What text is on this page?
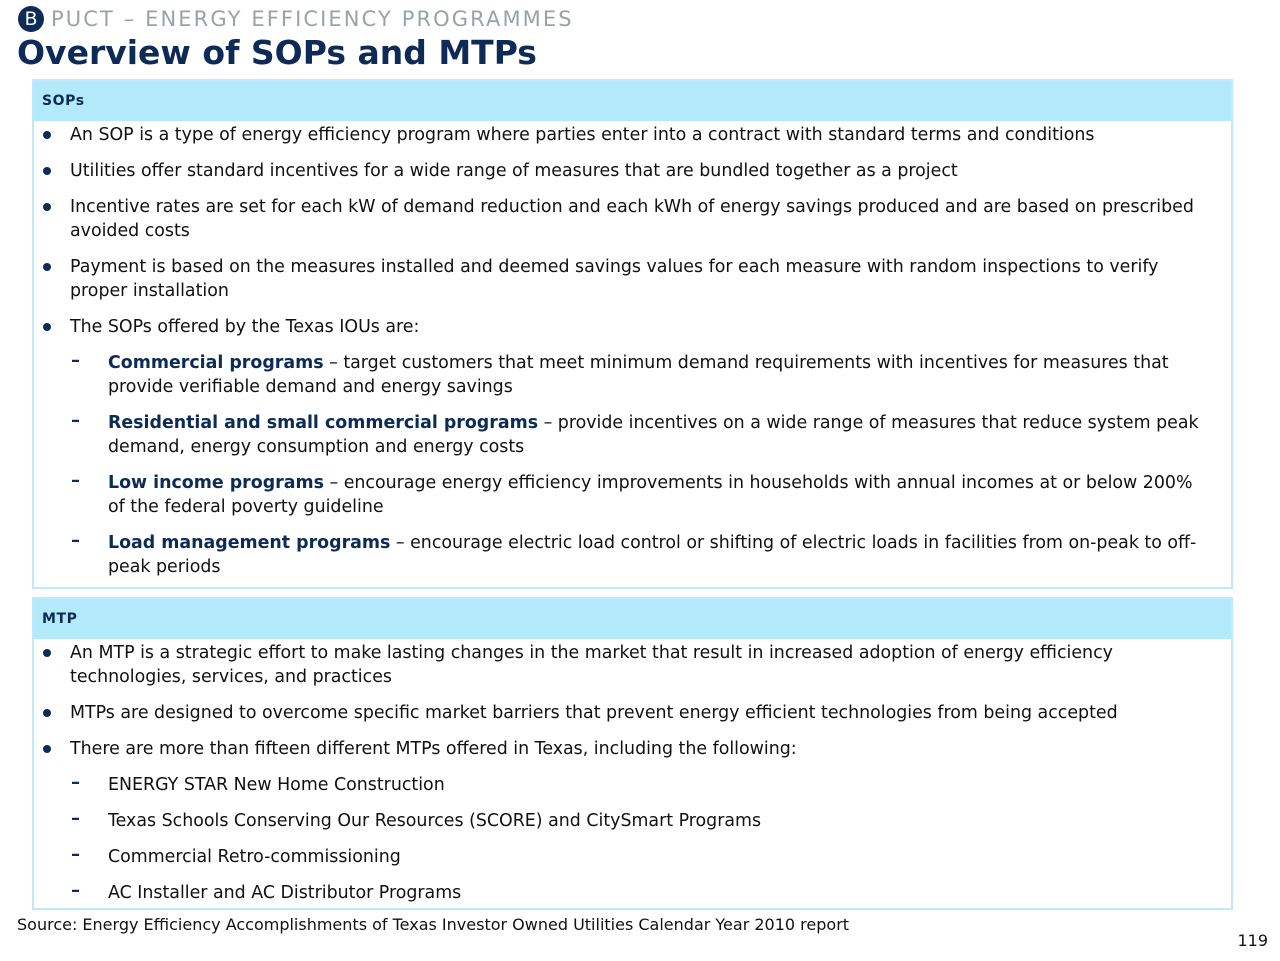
B PUCT – ENERGY EFFICIENCY PROGRAMMES
Overview of SOPs and MTPs
SOPs
An SOP is a type of energy efficiency program where parties enter into a contract with standard terms and conditions
Utilities offer standard incentives for a wide range of measures that are bundled together as a project
Incentive rates are set for each kW of demand reduction and each kWh of energy savings produced and are based on prescribed avoided costs
Payment is based on the measures installed and deemed savings values for each measure with random inspections to verify proper installation
The SOPs offered by the Texas IOUs are:
– Commercial programs – target customers that meet minimum demand requirements with incentives for measures that provide verifiable demand and energy savings
– Residential and small commercial programs – provide incentives on a wide range of measures that reduce system peak demand, energy consumption and energy costs
– Low income programs – encourage energy efficiency improvements in households with annual incomes at or below 200% of the federal poverty guideline
– Load management programs – encourage electric load control or shifting of electric loads in facilities from on-peak to off-peak periods
MTP
An MTP is a strategic effort to make lasting changes in the market that result in increased adoption of energy efficiency technologies, services, and practices
MTPs are designed to overcome specific market barriers that prevent energy efficient technologies from being accepted
There are more than fifteen different MTPs offered in Texas, including the following:
– ENERGY STAR New Home Construction
– Texas Schools Conserving Our Resources (SCORE) and CitySmart Programs
– Commercial Retro-commissioning
– AC Installer and AC Distributor Programs
Source: Energy Efficiency Accomplishments of Texas Investor Owned Utilities Calendar Year 2010 report
119
